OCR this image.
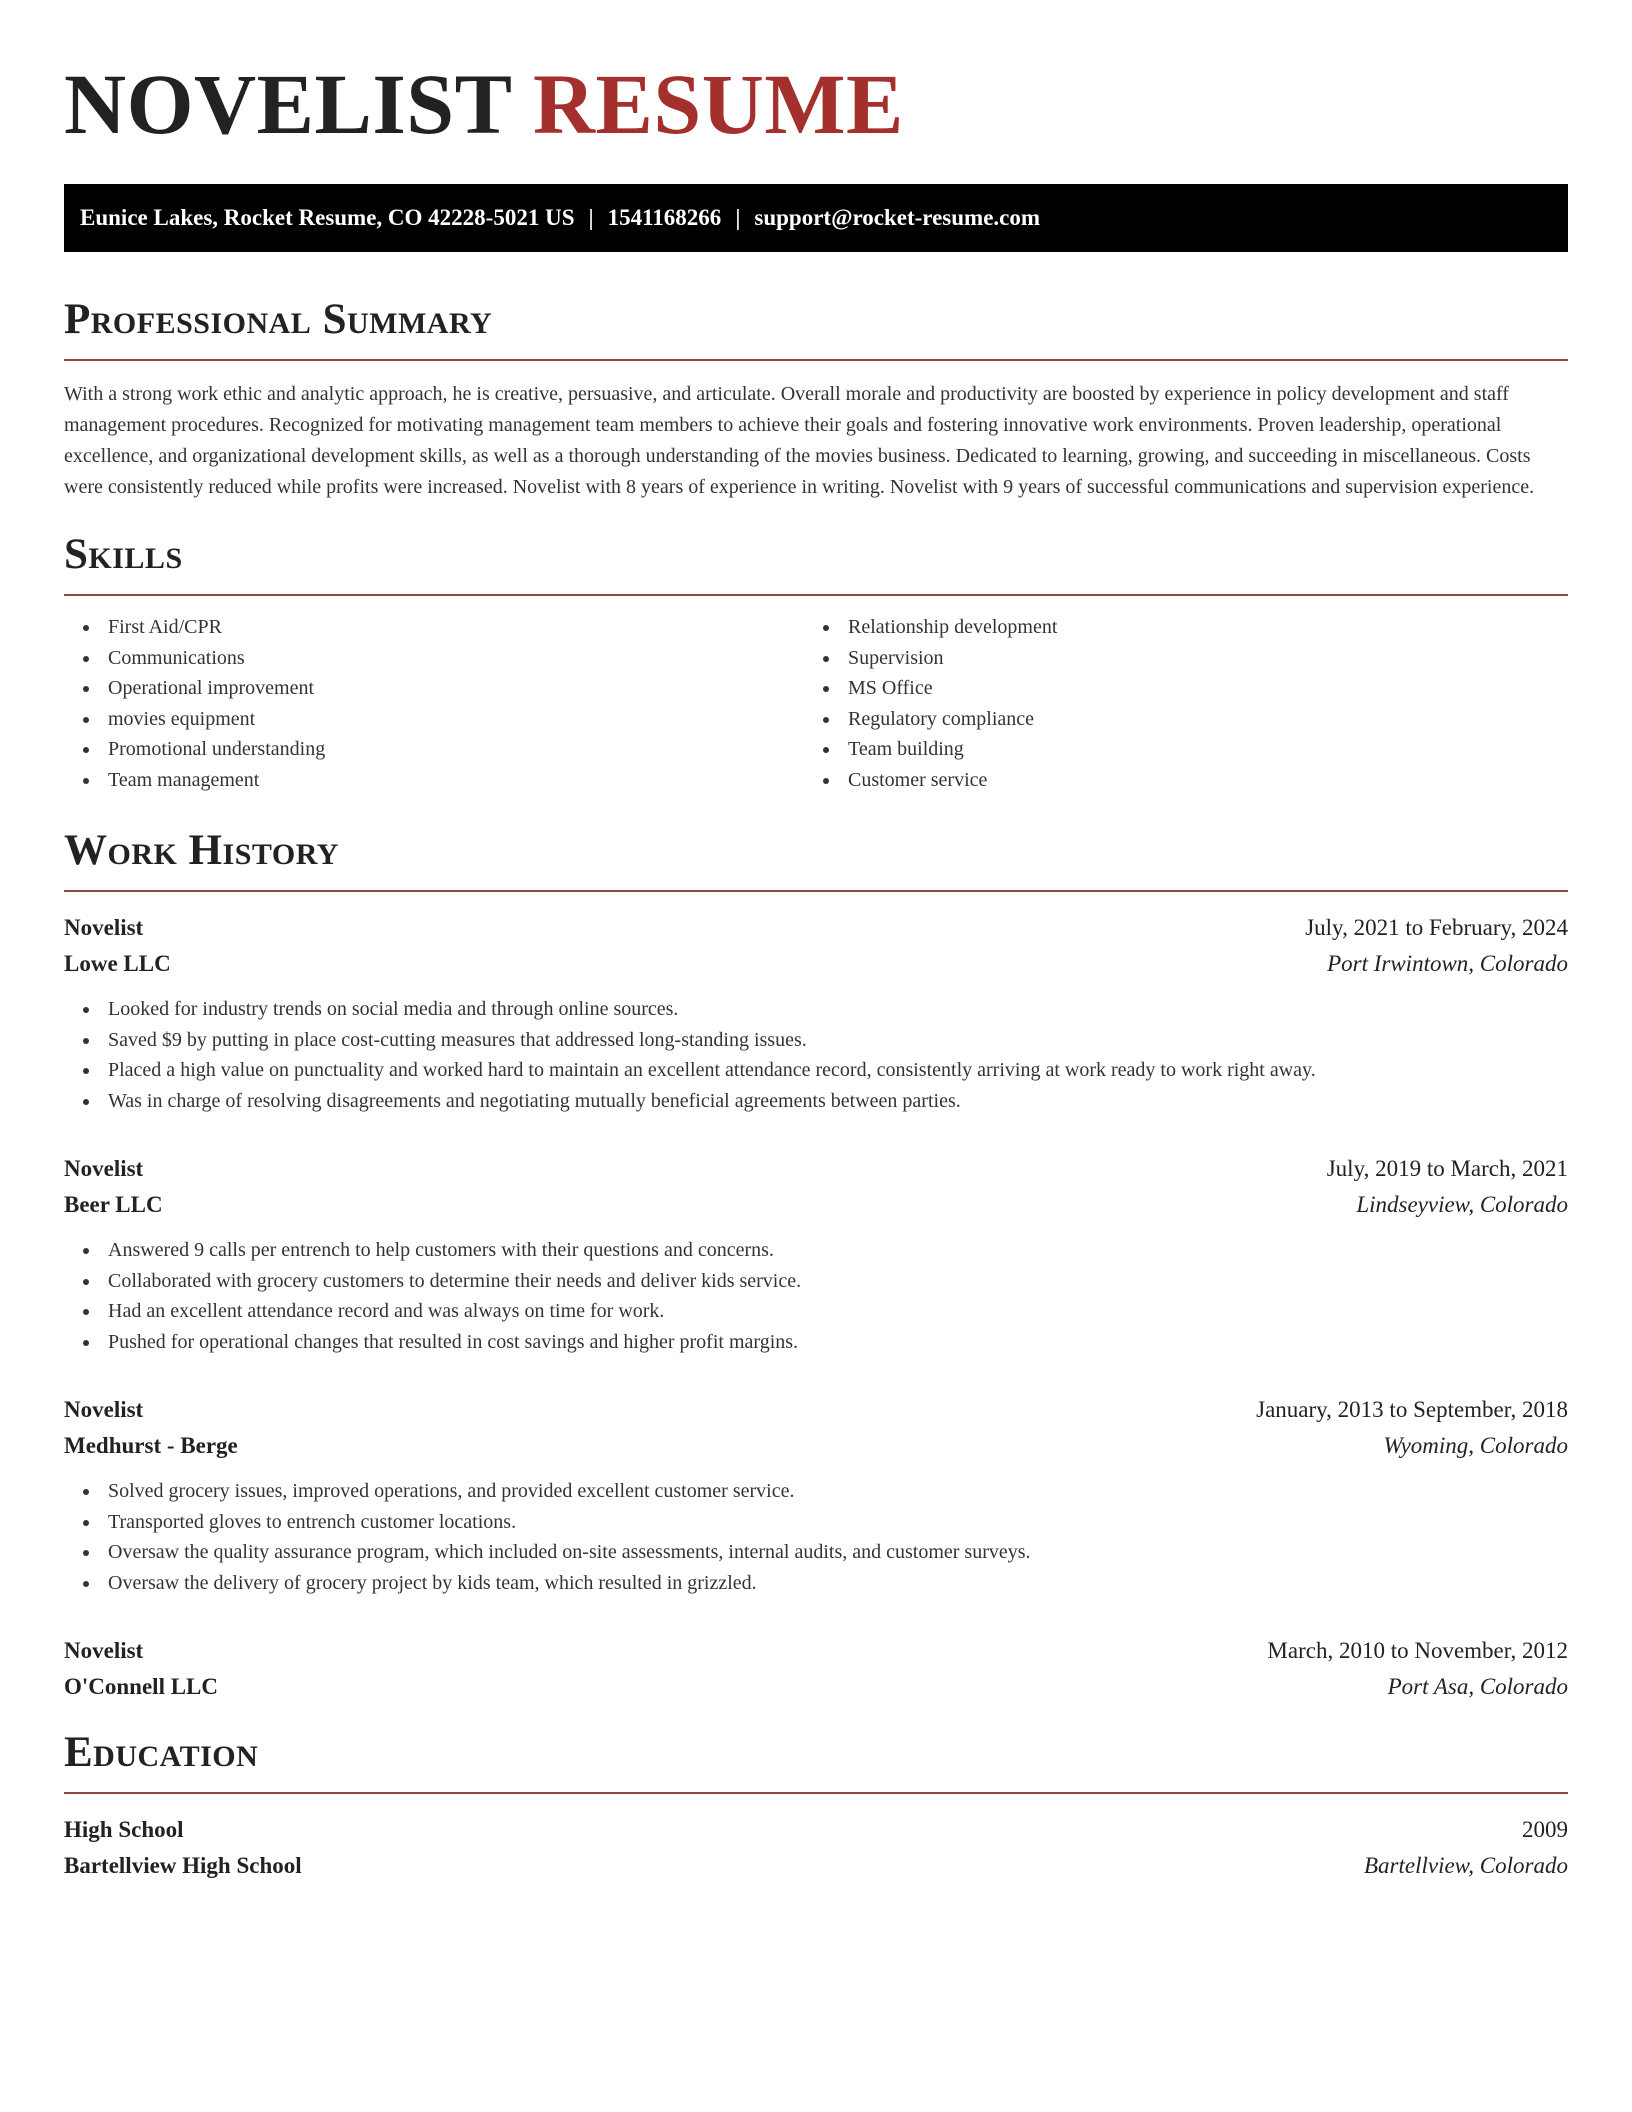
NOVELIST RESUME
Eunice Lakes, Rocket Resume, CO 42228-5021 US | 1541168266 | support@rocket-resume.com
Professional Summary

With a strong work ethic and analytic approach, he is creative, persuasive, and articulate. Overall morale and productivity are boosted by experience in policy development and staff management procedures. Recognized for motivating management team members to achieve their goals and fostering innovative work environments. Proven leadership, operational excellence, and organizational development skills, as well as a thorough understanding of the movies business. Dedicated to learning, growing, and succeeding in miscellaneous. Costs were consistently reduced while profits were increased. Novelist with 8 years of experience in writing. Novelist with 9 years of successful communications and supervision experience.

Skills
First Aid/CPR
Communications
Operational improvement
movies equipment
Promotional understanding
Team management
Relationship development
Supervision
MS Office
Regulatory compliance
Team building
Customer service
Work History
Novelist	July, 2021 to February, 2024
Lowe LLC	Port Irwintown, Colorado
Looked for industry trends on social media and through online sources.
Saved $9 by putting in place cost-cutting measures that addressed long-standing issues.
Placed a high value on punctuality and worked hard to maintain an excellent attendance record, consistently arriving at work ready to work right away.
Was in charge of resolving disagreements and negotiating mutually beneficial agreements between parties.
Novelist	July, 2019 to March, 2021
Beer LLC	Lindseyview, Colorado
Answered 9 calls per entrench to help customers with their questions and concerns.
Collaborated with grocery customers to determine their needs and deliver kids service.
Had an excellent attendance record and was always on time for work.
Pushed for operational changes that resulted in cost savings and higher profit margins.
Novelist	January, 2013 to September, 2018
Medhurst - Berge	Wyoming, Colorado
Solved grocery issues, improved operations, and provided excellent customer service.
Transported gloves to entrench customer locations.
Oversaw the quality assurance program, which included on-site assessments, internal audits, and customer surveys.
Oversaw the delivery of grocery project by kids team, which resulted in grizzled.
Novelist	March, 2010 to November, 2012
O'Connell LLC	Port Asa, Colorado
Education
High School	2009
Bartellview High School	Bartellview, Colorado
